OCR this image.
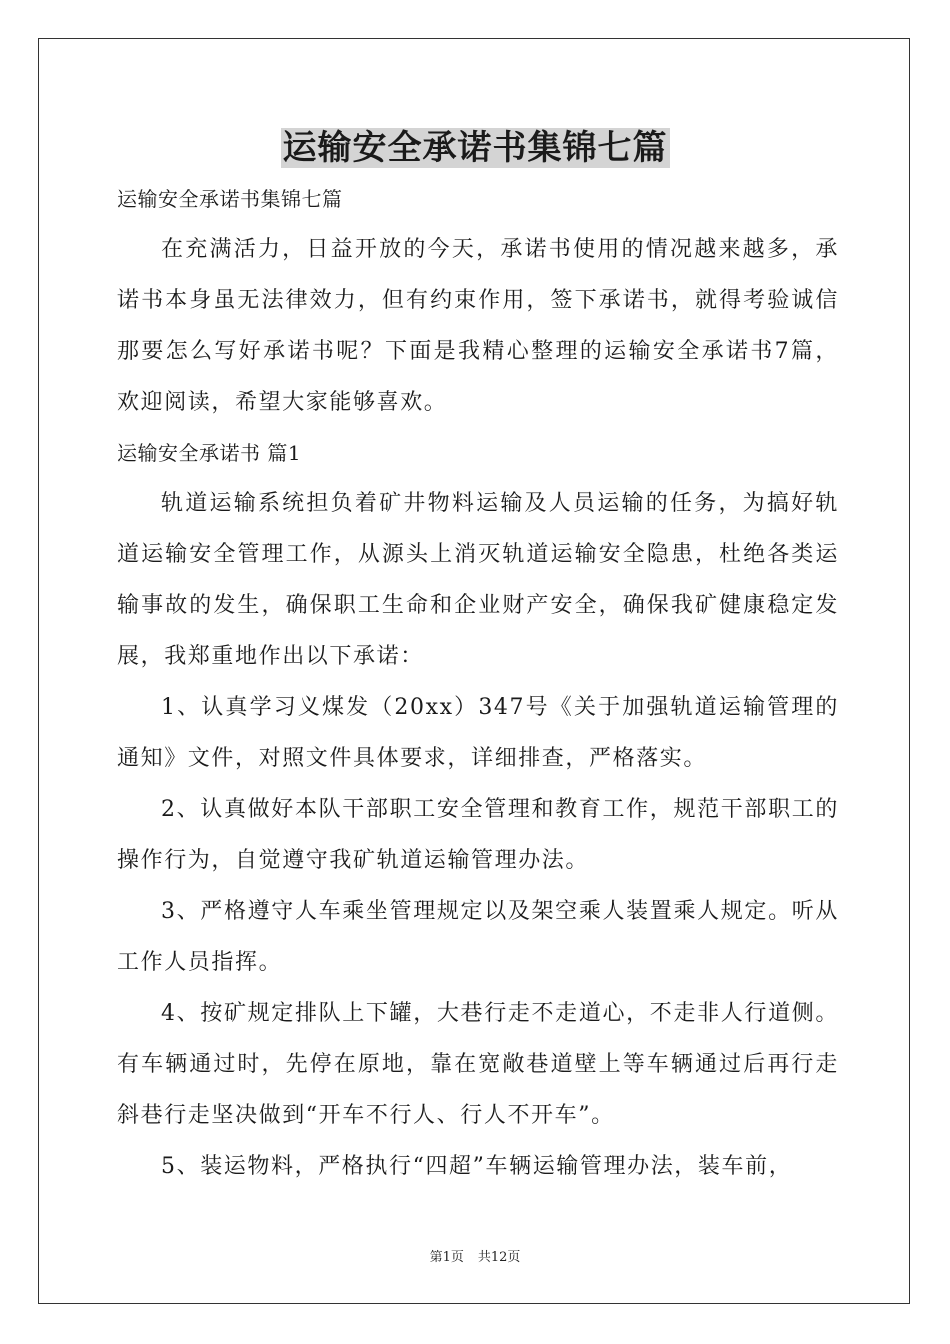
运输安全承诺书集锦七篇

运输安全承诺书集锦七篇

在充满活力，日益开放的今天，承诺书使用的情况越来越多，承诺书本身虽无法律效力，但有约束作用，签下承诺书，就得考验诚信那要怎么写好承诺书呢？下面是我精心整理的运输安全承诺书7篇，欢迎阅读，希望大家能够喜欢。

运输安全承诺书 篇1

轨道运输系统担负着矿井物料运输及人员运输的任务，为搞好轨道运输安全管理工作，从源头上消灭轨道运输安全隐患，杜绝各类运输事故的发生，确保职工生命和企业财产安全，确保我矿健康稳定发展，我郑重地作出以下承诺：

1、认真学习义煤发（20xx）347号《关于加强轨道运输管理的通知》文件，对照文件具体要求，详细排查，严格落实。

2、认真做好本队干部职工安全管理和教育工作，规范干部职工的操作行为，自觉遵守我矿轨道运输管理办法。

3、严格遵守人车乘坐管理规定以及架空乘人装置乘人规定。听从工作人员指挥。

4、按矿规定排队上下罐，大巷行走不走道心，不走非人行道侧。有车辆通过时，先停在原地，靠在宽敞巷道壁上等车辆通过后再行走斜巷行走坚决做到“开车不行人、行人不开车”。

5、装运物料，严格执行“四超”车辆运输管理办法，装车前，

第1页 共12页
